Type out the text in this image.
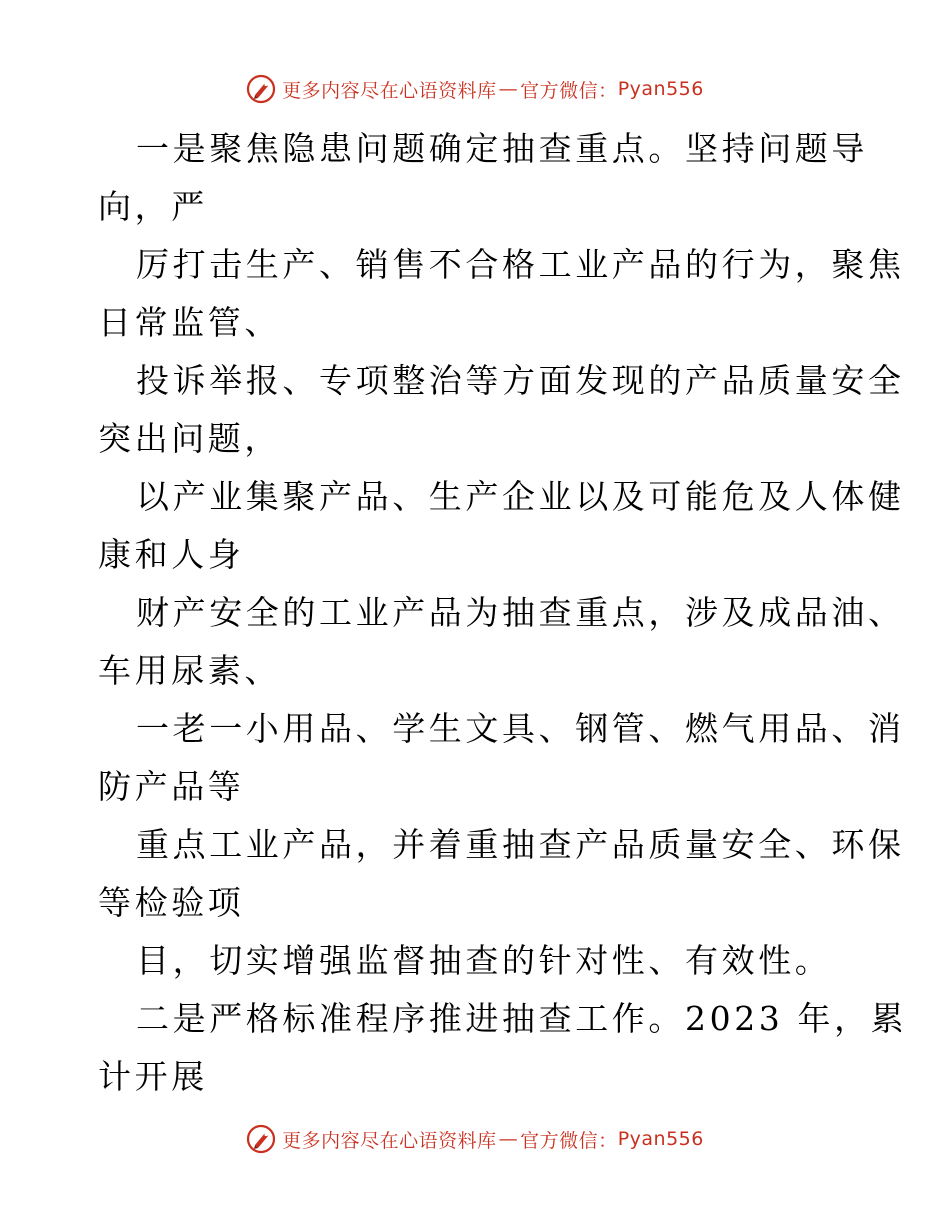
更多内容尽在心语资料库 — 官方微信： Pyan556
一是聚焦隐患问题确定抽查重点。坚持问题导
向，严
厉打击生产、销售不合格工业产品的行为，聚焦
日常监管、
投诉举报、专项整治等方面发现的产品质量安全
突出问题，
以产业集聚产品、生产企业以及可能危及人体健
康和人身
财产安全的工业产品为抽查重点，涉及成品油、
车用尿素、
一老一小用品、学生文具、钢管、燃气用品、消
防产品等
重点工业产品，并着重抽查产品质量安全、环保
等检验项
目，切实增强监督抽查的针对性、有效性。
二是严格标准程序推进抽查工作。2023 年，累
计开展
更多内容尽在心语资料库 — 官方微信： Pyan556
